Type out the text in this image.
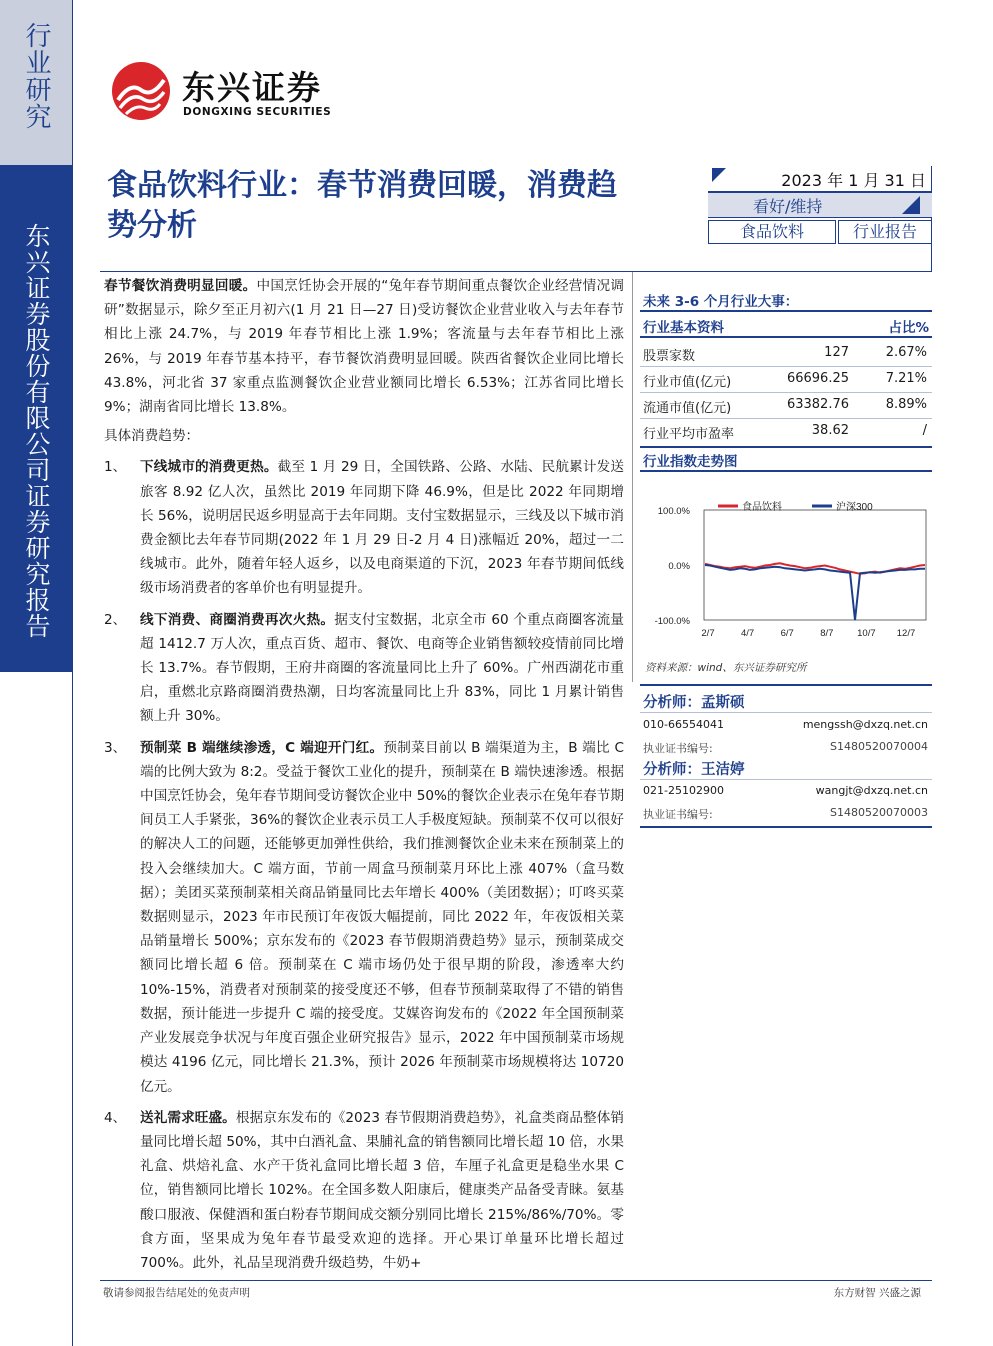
行业研究
东兴证券股份有限公司证券研究报告
东兴证券
DONGXING SECURITIES
食品饮料行业：春节消费回暖，消费趋势分析
2023 年 1 月 31 日
看好/维持
食品饮料	行业报告

春节餐饮消费明显回暖。中国烹饪协会开展的“兔年春节期间重点餐饮企业经营情况调研”数据显示，除夕至正月初六(1 月 21 日—27 日)受访餐饮企业营业收入与去年春节相比上涨 24.7%，与 2019 年春节相比上涨 1.9%；客流量与去年春节相比上涨 26%，与 2019 年春节基本持平，春节餐饮消费明显回暖。陕西省餐饮企业同比增长 43.8%，河北省 37 家重点监测餐饮企业营业额同比增长 6.53%；江苏省同比增长 9%；湖南省同比增长 13.8%。

具体消费趋势：

1、 下线城市的消费更热。截至 1 月 29 日，全国铁路、公路、水陆、民航累计发送旅客 8.92 亿人次，虽然比 2019 年同期下降 46.9%，但是比 2022 年同期增长 56%，说明居民返乡明显高于去年同期。支付宝数据显示，三线及以下城市消费金额比去年春节同期(2022 年 1 月 29 日-2 月 4 日)涨幅近 20%，超过一二线城市。此外，随着年轻人返乡，以及电商渠道的下沉，2023 年春节期间低线级市场消费者的客单价也有明显提升。
2、 线下消费、商圈消费再次火热。据支付宝数据，北京全市 60 个重点商圈客流量超 1412.7 万人次，重点百货、超市、餐饮、电商等企业销售额较疫情前同比增长 13.7%。春节假期，王府井商圈的客流量同比上升了 60%。广州西湖花市重启，重燃北京路商圈消费热潮，日均客流量同比上升 83%，同比 1 月累计销售额上升 30%。
3、 预制菜 B 端继续渗透，C 端迎开门红。预制菜目前以 B 端渠道为主，B 端比 C 端的比例大致为 8:2。受益于餐饮工业化的提升，预制菜在 B 端快速渗透。根据中国烹饪协会，兔年春节期间受访餐饮企业中 50%的餐饮企业表示在兔年春节期间员工人手紧张，36%的餐饮企业表示员工人手极度短缺。预制菜不仅可以很好的解决人工的问题，还能够更加弹性供给，我们推测餐饮企业未来在预制菜上的投入会继续加大。C 端方面，节前一周盒马预制菜月环比上涨 407%（盒马数据）；美团买菜预制菜相关商品销量同比去年增长 400%（美团数据）；叮咚买菜数据则显示，2023 年市民预订年夜饭大幅提前，同比 2022 年，年夜饭相关菜品销量增长 500%；京东发布的《2023 春节假期消费趋势》显示，预制菜成交额同比增长超 6 倍。预制菜在 C 端市场仍处于很早期的阶段，渗透率大约 10%-15%，消费者对预制菜的接受度还不够，但春节预制菜取得了不错的销售数据，预计能进一步提升 C 端的接受度。艾媒咨询发布的《2022 年全国预制菜产业发展竞争状况与年度百强企业研究报告》显示，2022 年中国预制菜市场规模达 4196 亿元，同比增长 21.3%，预计 2026 年预制菜市场规模将达 10720 亿元。
4、 送礼需求旺盛。根据京东发布的《2023 春节假期消费趋势》，礼盒类商品整体销量同比增长超 50%，其中白酒礼盒、果脯礼盒的销售额同比增长超 10 倍，水果礼盒、烘焙礼盒、水产干货礼盒同比增长超 3 倍，车厘子礼盒更是稳坐水果 C 位，销售额同比增长 102%。在全国多数人阳康后，健康类产品备受青睐。氨基酸口服液、保健酒和蛋白粉春节期间成交额分别同比增长 215%/86%/70%。零食方面，坚果成为兔年春节最受欢迎的选择。开心果订单量环比增长超过 700%。此外，礼品呈现消费升级趋势，牛奶+
未来 3-6 个月行业大事：
行业基本资料	占比%
股票家数	127	2.67%
行业市值(亿元)	66696.25	7.21%
流通市值(亿元)	63382.76	8.89%
行业平均市盈率	38.62	/
行业指数走势图
100.0%
0.0%
-100.0%
2/7	4/7	6/7	8/7 10/7 12/7
食品饮料	沪深300
资料来源：wind、东兴证券研究所
分析师：孟斯硕
010-66554041	mengssh@dxzq.net.cn
执业证书编号:	S1480520070004
分析师：王洁婷
021-25102900	wangjt@dxzq.net.cn
执业证书编号:	S1480520070003
敬请参阅报告结尾处的免责声明	东方财智 兴盛之源
